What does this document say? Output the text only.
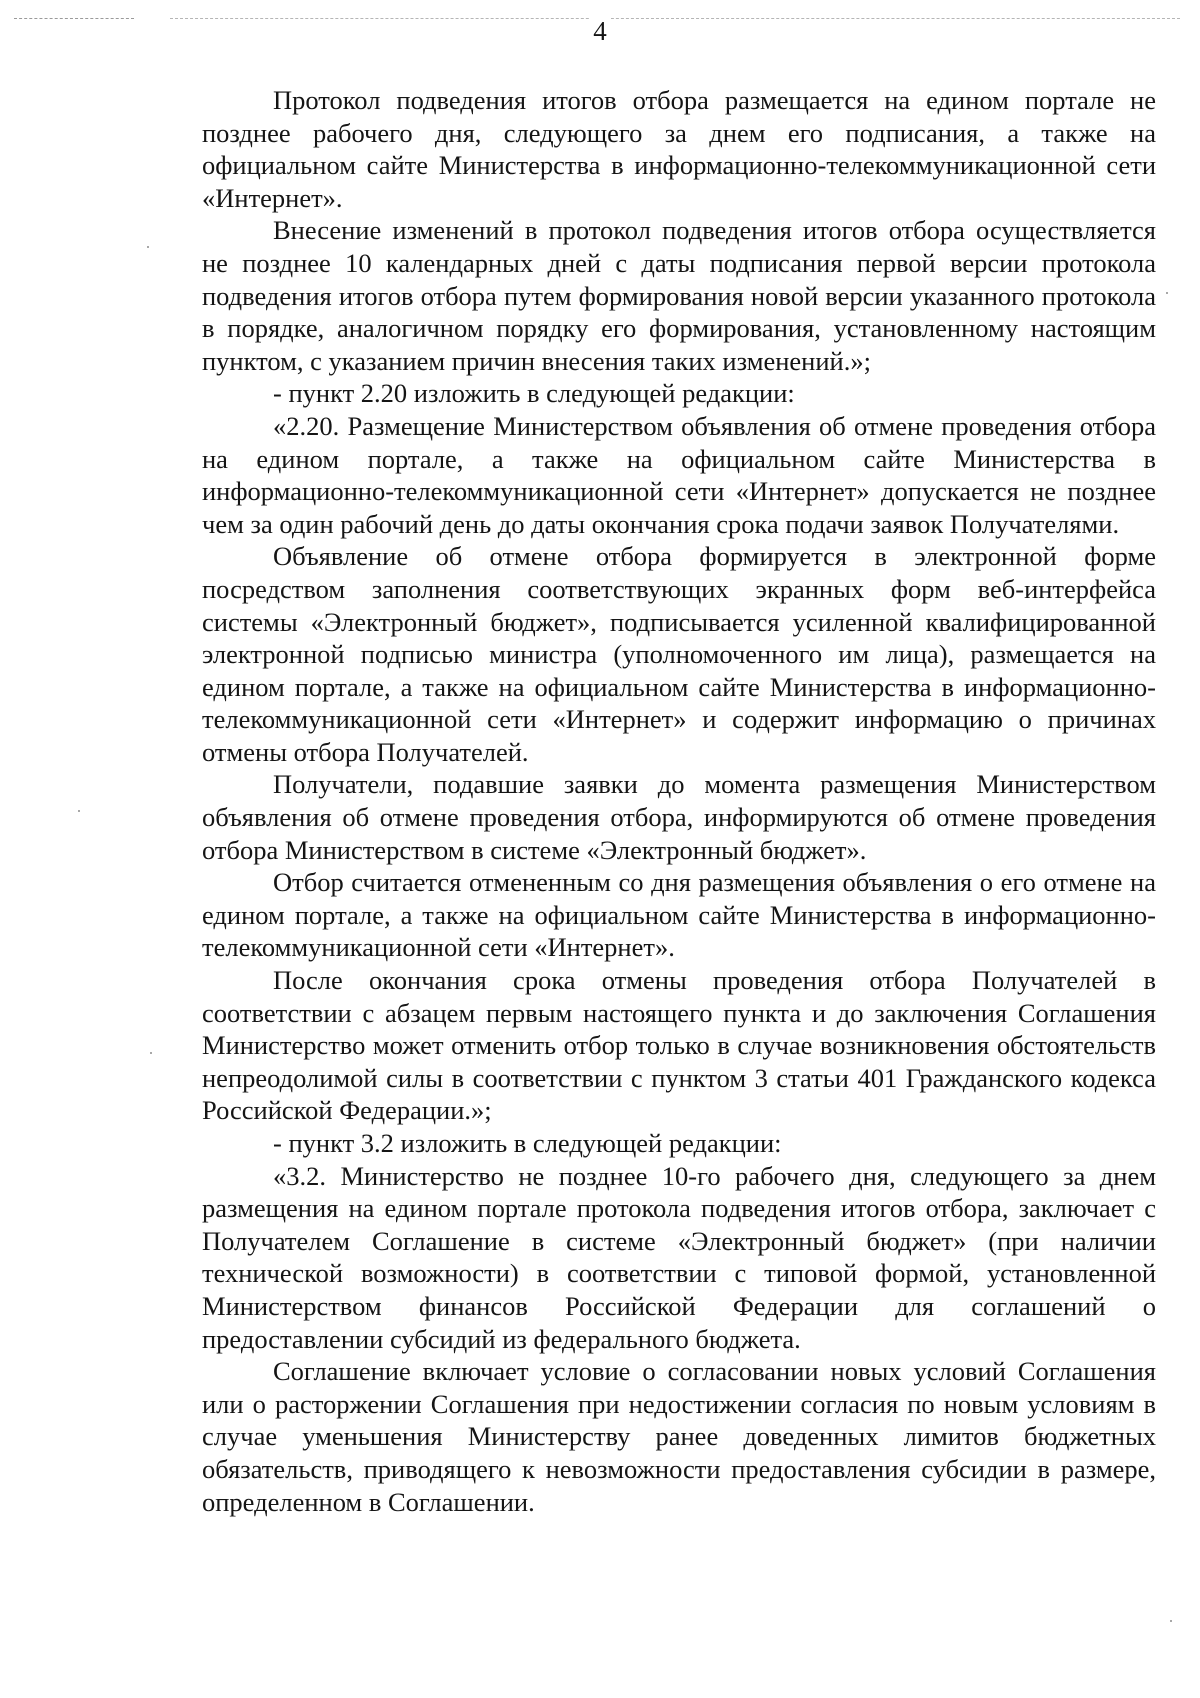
4

Протокол подведения итогов отбора размещается на едином портале не позднее рабочего дня, следующего за днем его подписания, а также на официальном сайте Министерства в информационно-телекоммуникационной сети «Интернет».

Внесение изменений в протокол подведения итогов отбора осуществляется не позднее 10 календарных дней с даты подписания первой версии протокола подведения итогов отбора путем формирования новой версии указанного протокола в порядке, аналогичном порядку его формирования, установленному настоящим пунктом, с указанием причин внесения таких изменений.»;

- пункт 2.20 изложить в следующей редакции:

«2.20. Размещение Министерством объявления об отмене проведения отбора на едином портале, а также на официальном сайте Министерства в информационно-телекоммуникационной сети «Интернет» допускается не позднее чем за один рабочий день до даты окончания срока подачи заявок Получателями.

Объявление об отмене отбора формируется в электронной форме посредством заполнения соответствующих экранных форм веб-интерфейса системы «Электронный бюджет», подписывается усиленной квалифицированной электронной подписью министра (уполномоченного им лица), размещается на едином портале, а также на официальном сайте Министерства в информационно-телекоммуникационной сети «Интернет» и содержит информацию о причинах отмены отбора Получателей.

Получатели, подавшие заявки до момента размещения Министерством объявления об отмене проведения отбора, информируются об отмене проведения отбора Министерством в системе «Электронный бюджет».

Отбор считается отмененным со дня размещения объявления о его отмене на едином портале, а также на официальном сайте Министерства в информационно-телекоммуникационной сети «Интернет».

После окончания срока отмены проведения отбора Получателей в соответствии с абзацем первым настоящего пункта и до заключения Соглашения Министерство может отменить отбор только в случае возникновения обстоятельств непреодолимой силы в соответствии с пунктом 3 статьи 401 Гражданского кодекса Российской Федерации.»;

- пункт 3.2 изложить в следующей редакции:

«3.2. Министерство не позднее 10-го рабочего дня, следующего за днем размещения на едином портале протокола подведения итогов отбора, заключает с Получателем Соглашение в системе «Электронный бюджет» (при наличии технической возможности) в соответствии с типовой формой, установленной Министерством финансов Российской Федерации для соглашений о предоставлении субсидий из федерального бюджета.

Соглашение включает условие о согласовании новых условий Соглашения или о расторжении Соглашения при недостижении согласия по новым условиям в случае уменьшения Министерству ранее доведенных лимитов бюджетных обязательств, приводящего к невозможности предоставления субсидии в размере, определенном в Соглашении.
